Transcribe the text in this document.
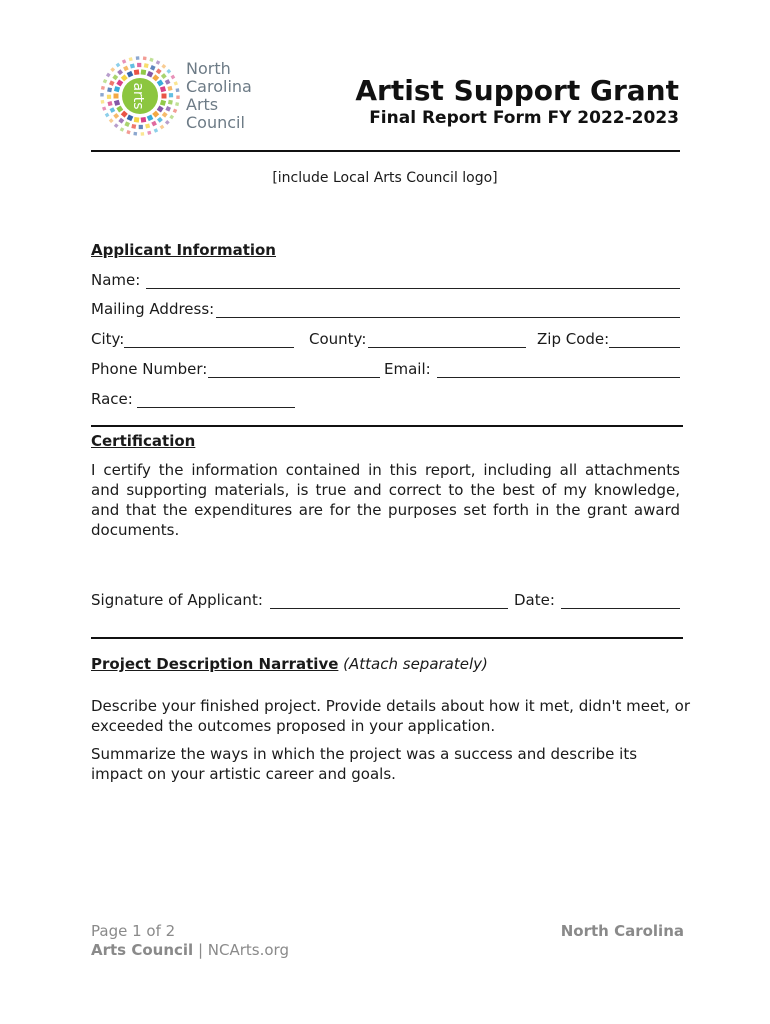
arts
North
Carolina
Arts
Council
Artist Support Grant
Final Report Form FY 2022-2023
[include Local Arts Council logo]
Applicant Information
Name:
Mailing Address:
City:	County:	Zip Code:
Phone Number:	Email:
Race:
Certification
I certify the information contained in this report, including all attachments and supporting materials, is true and correct to the best of my knowledge, and that the expenditures are for the purposes set forth in the grant award documents.
Signature of Applicant:	Date:
Project Description Narrative (Attach separately)
Describe your finished project. Provide details about how it met, didn't meet, or exceeded the outcomes proposed in your application.
Summarize the ways in which the project was a success and describe its impact on your artistic career and goals.
Page 1 of 2	North Carolina
Arts Council | NCArts.org
